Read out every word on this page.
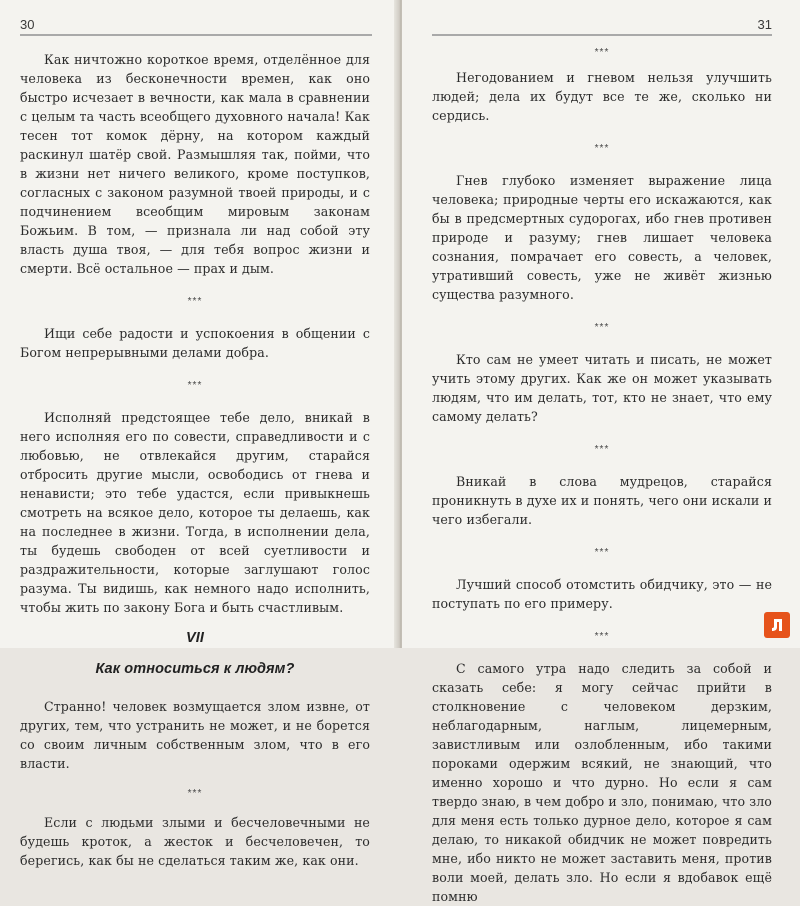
30

Как ничтожно короткое время, отделённое для человека из бесконечности времен, как оно быстро исчезает в вечности, как мала в сравнении с целым та часть всеобщего духовного начала! Как тесен тот комок дёрну, на котором каждый раскинул шатёр свой. Размышляя так, пойми, что в жизни нет ничего великого, кроме поступков, согласных с законом разумной твоей природы, и с подчинением всеобщим мировым законам Божьим. В том, — признала ли над собой эту власть душа твоя, — для тебя вопрос жизни и смерти. Всё остальное — прах и дым.

***

Ищи себе радости и успокоения в общении с Богом непрерывными делами добра.

***

Исполняй предстоящее тебе дело, вникай в него исполняя его по совести, справедливости и с любовью, не отвлекайся другим, старайся отбросить другие мысли, освободись от гнева и ненависти; это тебе удастся, если привыкнешь смотреть на всякое дело, которое ты делаешь, как на последнее в жизни. Тогда, в исполнении дела, ты будешь свободен от всей суетливости и раздражительности, которые заглушают голос разума. Ты видишь, как немного надо исполнить, чтобы жить по закону Бога и быть счастливым.

VII
Как относиться к людям?

Странно! человек возмущается злом извне, от других, тем, что устранить не может, и не борется со своим личным собственным злом, что в его власти.

***

Если с людьми злыми и бесчеловечными не будешь кроток, а жесток и бесчеловечен, то берегись, как бы не сделаться таким же, как они.

31
***

Негодованием и гневом нельзя улучшить людей; дела их будут все те же, сколько ни сердись.

***

Гнев глубоко изменяет выражение лица человека; природные черты его искажаются, как бы в предсмертных судорогах, ибо гнев противен природе и разуму; гнев лишает человека сознания, помрачает его совесть, а человек, утративший совесть, уже не живёт жизнью существа разумного.

***

Кто сам не умеет читать и писать, не может учить этому других. Как же он может указывать людям, что им делать, тот, кто не знает, что ему самому делать?

***

Вникай в слова мудрецов, старайся проникнуть в духе их и понять, чего они искали и чего избегали.

***

Лучший способ отомстить обидчику, это — не поступать по его примеру.

***

С самого утра надо следить за собой и сказать себе: я могу сейчас прийти в столкновение с человеком дерзким, неблагодарным, наглым, лицемерным, завистливым или озлобленным, ибо такими пороками одержим всякий, не знающий, что именно хорошо и что дурно. Но если я сам твердо знаю, в чем добро и зло, понимаю, что зло для меня есть только дурное дело, которое я сам делаю, то никакой обидчик не может повредить мне, ибо никто не может заставить меня, против воли моей, делать зло. Но если я вдобавок ещё помню
